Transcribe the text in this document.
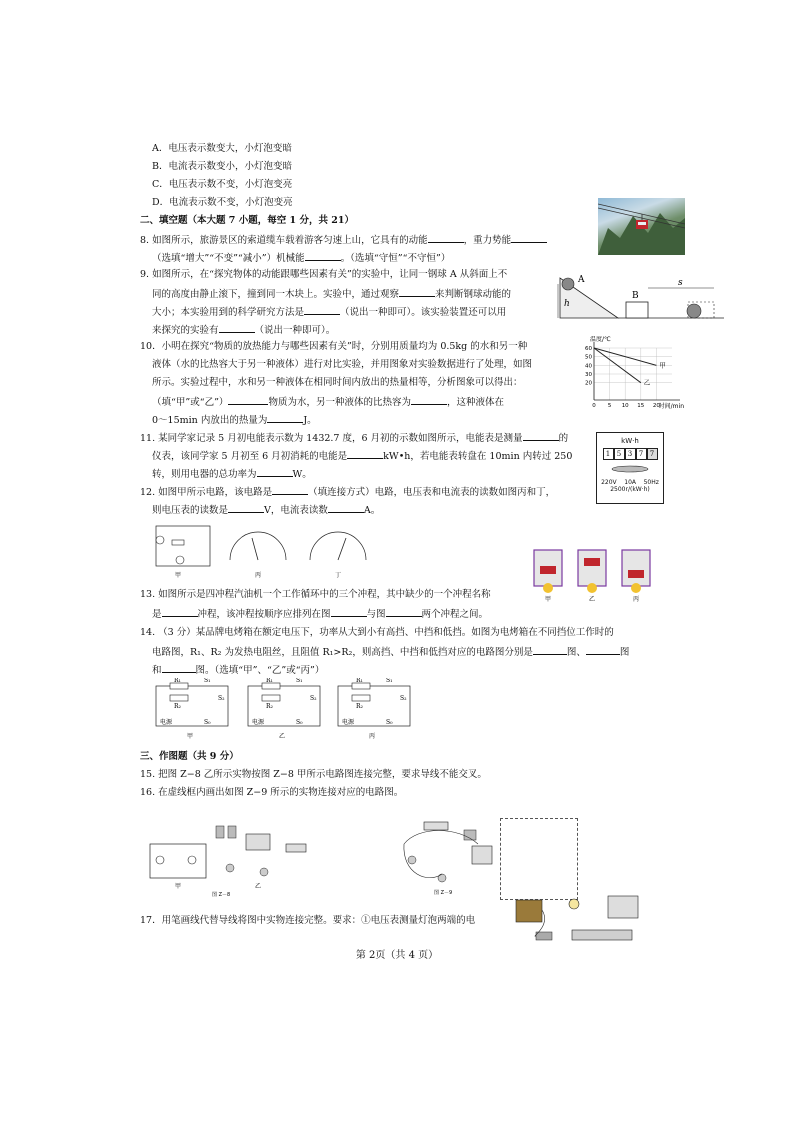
A．电压表示数变大，小灯泡变暗
B．电流表示数变小，小灯泡变暗
C．电压表示数不变，小灯泡变亮
D．电流表示数不变，小灯泡变亮
二、填空题（本大题 7 小题，每空 1 分，共 21）
8. 如图所示，旅游景区的索道缆车载着游客匀速上山，它具有的动能	，重力势能
（选填“增大”“不变”“减小”）机械能	。（选填“守恒”“不守恒”）
9. 如图所示，在“探究物体的动能跟哪些因素有关”的实验中，让同一钢球 A 从斜面上不
同的高度由静止滚下，撞到同一木块上。实验中，通过观察	来判断钢球动能的
大小；本实验用到的科学研究方法是	（说出一种即可）。该实验装置还可以用
来探究的实验有	（说出一种即可）。
A
h
B
s
10．小明在探究“物质的放热能力与哪些因素有关”时，分别用质量均为 0.5kg 的水和另一种
液体（水的比热容大于另一种液体）进行对比实验，并用图象对实验数据进行了处理，如图
所示。实验过程中，水和另一种液体在相同时间内放出的热量相等，分析图象可以得出：
（填“甲”或“乙”）	物质为水，另一种液体的比热容为	，这种液体在
0～15min 内放出的热量为	J。
0 5 10 15 20
20
30
40
50
60
温度/℃
时间/min
甲
乙
11. 某同学家记录 5 月初电能表示数为 1432.7 度，6 月初的示数如图所示，电能表是测量	的
仪表，该同学家 5 月初至 6 月初消耗的电能是	kW•h，若电能表转盘在 10min 内转过 250
转，则用电器的总功率为	W。
kW·h
1 5 3 7 7
220V    10A    50Hz
2500r/(kW·h)
12. 如图甲所示电路，该电路是	（填连接方式）电路，电压表和电流表的读数如图丙和丁，
则电压表的读数是	V，电流表读数	A。
甲	丙	丁
甲	乙	丙
13. 如图所示是四冲程汽油机一个工作循环中的三个冲程，其中缺少的一个冲程名称
是	冲程，该冲程按顺序应排列在图	与图	两个冲程之间。
14. （3 分）某品牌电烤箱在额定电压下，功率从大到小有高挡、中挡和低挡。如图为电烤箱在不同挡位工作时的
电路图，R₁、R₂ 为发热电阻丝，且阻值 R₁>R₂，则高挡、中挡和低挡对应的电路图分别是	图、	图
和	图。（选填“甲”、“乙”或“丙”）
R₁
R₂
S₁
S₂
电源	S₀
甲
R₁
R₂
S₁
S₂
电源	S₀
乙
R₁
R₂
S₁
S₂
电源	S₀
丙
三、作图题（共 9 分）
15. 把图 Z−8 乙所示实物按图 Z−8 甲所示电路图连接完整，要求导线不能交叉。
16. 在虚线框内画出如图 Z−9 所示的实物连接对应的电路图。
甲	乙
图 Z－8	图 Z－9
17．用笔画线代替导线将图中实物连接完整。要求：①电压表测量灯泡两端的电
第 2页（共 4 页）
